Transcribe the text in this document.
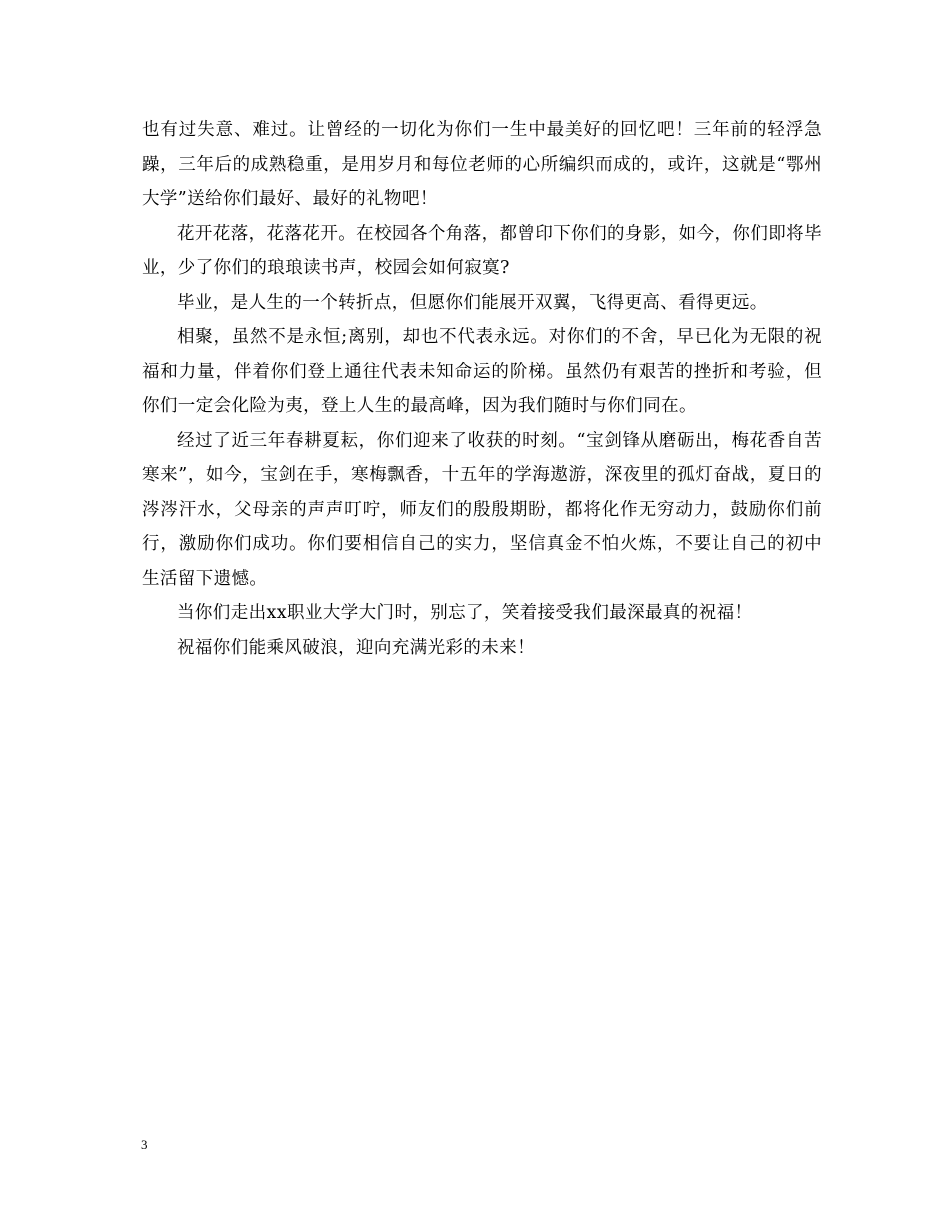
也有过失意、难过。让曾经的一切化为你们一生中最美好的回忆吧！三年前的轻浮急躁，三年后的成熟稳重，是用岁月和每位老师的心所编织而成的，或许，这就是“鄂州大学”送给你们最好、最好的礼物吧！

花开花落，花落花开。在校园各个角落，都曾印下你们的身影，如今，你们即将毕业，少了你们的琅琅读书声，校园会如何寂寞?

毕业，是人生的一个转折点，但愿你们能展开双翼，飞得更高、看得更远。

相聚，虽然不是永恒;离别，却也不代表永远。对你们的不舍，早已化为无限的祝福和力量，伴着你们登上通往代表未知命运的阶梯。虽然仍有艰苦的挫折和考验，但你们一定会化险为夷，登上人生的最高峰，因为我们随时与你们同在。

经过了近三年春耕夏耘，你们迎来了收获的时刻。“宝剑锋从磨砺出，梅花香自苦寒来”，如今，宝剑在手，寒梅飘香，十五年的学海遨游，深夜里的孤灯奋战，夏日的涔涔汗水，父母亲的声声叮咛，师友们的殷殷期盼，都将化作无穷动力，鼓励你们前行，激励你们成功。你们要相信自己的实力，坚信真金不怕火炼，不要让自己的初中生活留下遗憾。

当你们走出xx职业大学大门时，别忘了，笑着接受我们最深最真的祝福！

祝福你们能乘风破浪，迎向充满光彩的未来！

3
